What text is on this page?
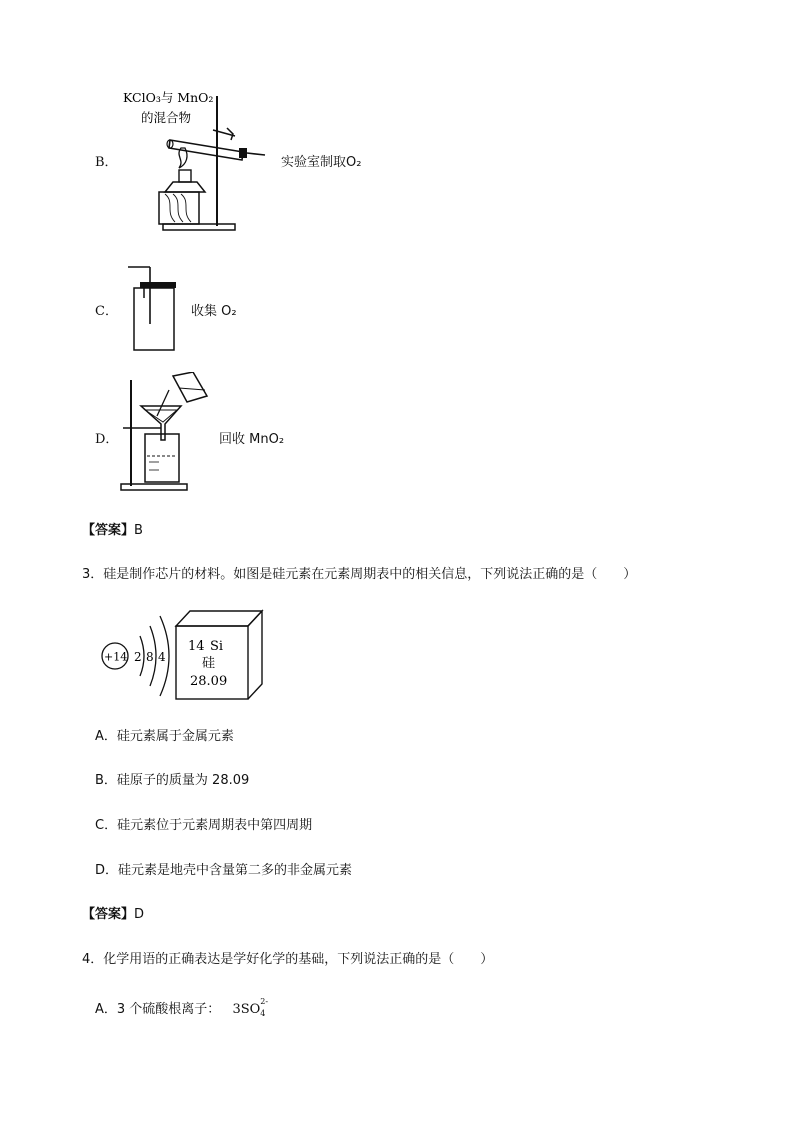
B．
KClO₃与 MnO₂
的混合物
实验室制取O₂
C．	收集 O₂
D．	回收 MnO₂
【答案】B
3．硅是制作芯片的材料。如图是硅元素在元素周期表中的相关信息，下列说法正确的是（　　）
+14 2 8 4
14 Si
硅
28.09
A．硅元素属于金属元素
B．硅原子的质量为 28.09
C．硅元素位于元素周期表中第四周期
D．硅元素是地壳中含量第二多的非金属元素
【答案】D
4．化学用语的正确表达是学好化学的基础，下列说法正确的是（　　）
A．3 个硫酸根离子： 3SO
2-
4
